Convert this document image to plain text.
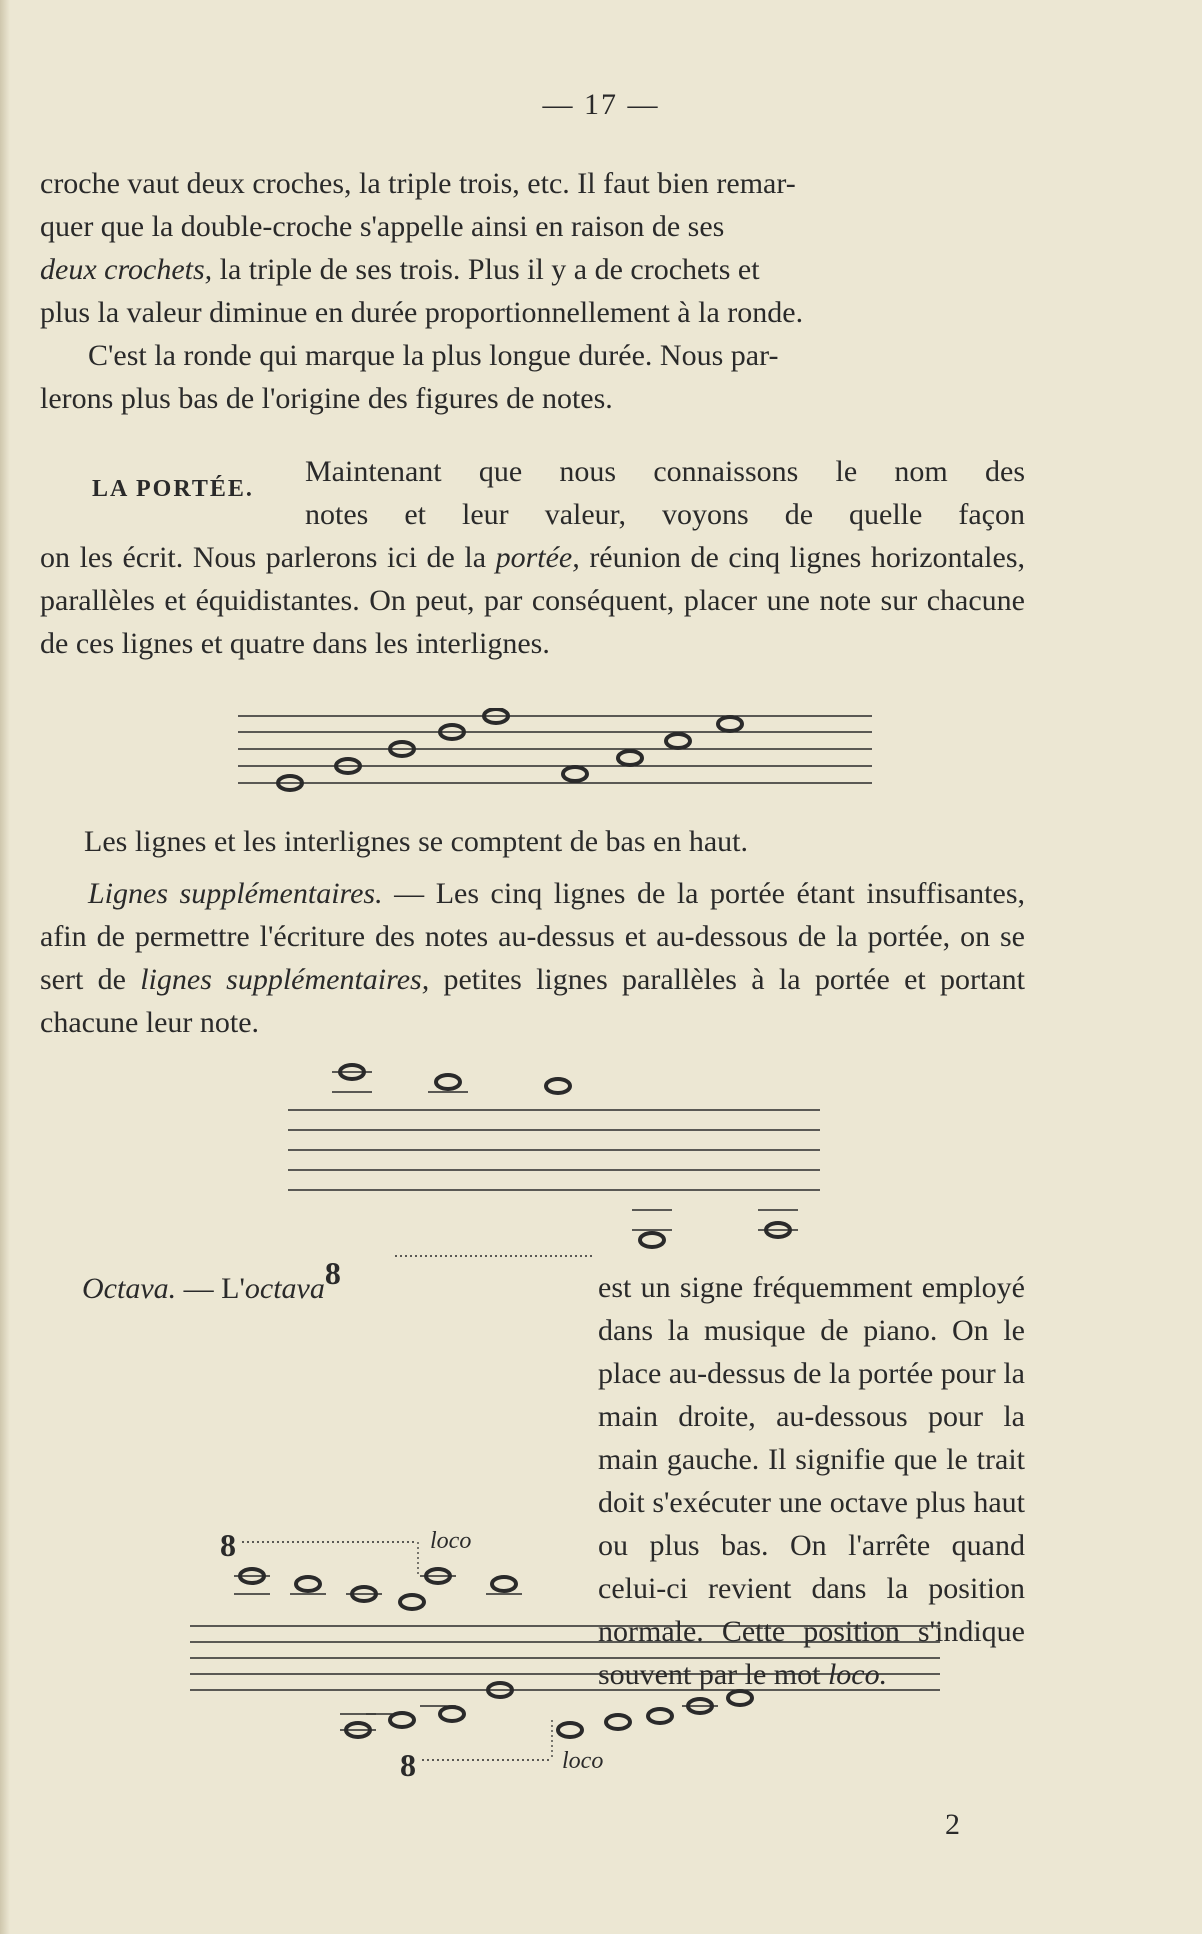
— 17 —

croche vaut deux croches, la triple trois, etc. Il faut bien remar-

quer que la double-croche s'appelle ainsi en raison de ses

deux crochets, la triple de ses trois. Plus il y a de crochets et

plus la valeur diminue en durée proportionnellement à la ronde.

C'est la ronde qui marque la plus longue durée. Nous par-

lerons plus bas de l'origine des figures de notes.

LA PORTÉE.

Maintenant que nous connaissons le nom des

notes et leur valeur, voyons de quelle façon

on les écrit. Nous parlerons ici de la portée, réunion de cinq lignes horizontales, parallèles et équidistantes. On peut, par conséquent, placer une note sur chacune de ces lignes et quatre dans les interlignes.

Les lignes et les interlignes se comptent de bas en haut.

Lignes supplémentaires. — Les cinq lignes de la portée étant insuffisantes, afin de permettre l'écriture des notes au-dessus et au-dessous de la portée, on se sert de lignes supplémentaires, petites lignes parallèles à la portée et portant chacune leur note.

Octava. — L'octava8	est un signe fréquemment employé dans la musique de piano. On le place au-dessus de la portée pour la main droite, au-dessous pour la main gauche. Il signifie que le trait doit s'exécuter une octave plus haut ou plus bas. On l'arrête quand celui-ci revient dans la position normale. Cette position s'indique souvent par le mot loco.

8	loco
8	loco
2
